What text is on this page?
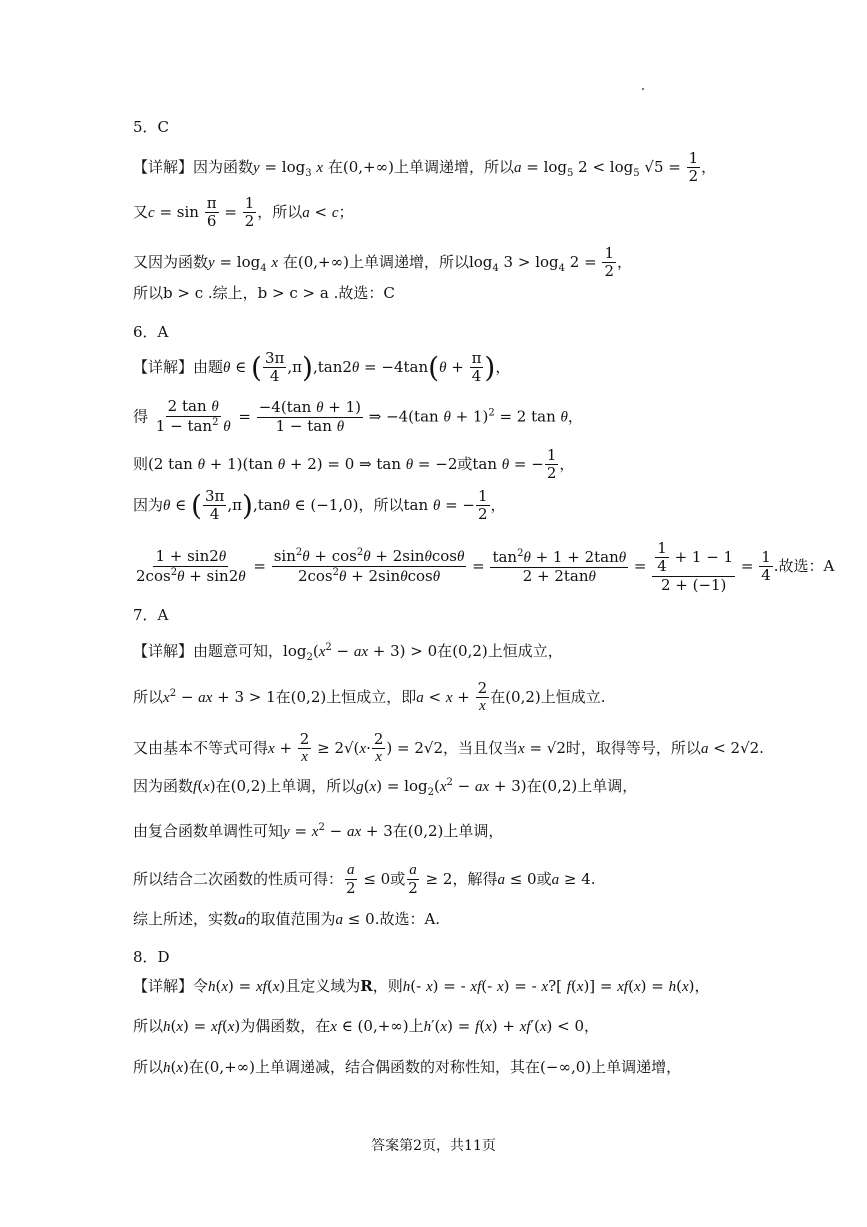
5．C
【详解】因为函数$y = \log_3 x$ 在(0,+∞)上单调递增，所以$a = \log_5 2 < \log_5 √5 = \frac{1}{2}$ ，
又$c = \sin \frac{\pi}{6} = \frac{1}{2}$ ，所以a < c；
又因为函数$y = \log_4 x$ 在(0,+∞)上单调递增，所以$\log_4 3 > \log_4 2 = \frac{1}{2}$ ，
所以b > c .综上，b > c > a .故选：C
6．A
【详解】由题θ ∈ ( $\frac{3\pi}{4} ,\pi),\tan 2\theta = -4\tan(\theta + \frac{\pi}{4}$ )，
得 $\frac{\text{2 tan θ}}{1 - \tan^2 \theta} = \frac{\text{−4(tan θ + 1)}}{\text{1 − tan θ}}$ ⇒ −4(tan θ + 1)$^2$ = 2 tan θ，
则(2 tan θ + 1)(tan θ + 2) = 0 ⇒ tan θ = −2或tan θ = − $\frac{1}{2}$ ，
因为θ ∈ ( $\frac{3\pi}{4} ,\pi),\tan\theta$ ∈ (−1,0)，所以tan θ = − $\frac{1}{2}$ ，
$\frac{1 + \sin 2\theta}{2\cos^2\theta + \sin 2\theta} = \frac{\sin^2\theta + \cos^2\theta + 2\sin\theta\cos\theta}{2\cos^2\theta + 2\sin\theta\cos\theta} = \frac{\tan^2\theta + 1 + 2\tan\theta}{2 + 2\tan\theta} = \frac{\frac{1}{4} + 1 - 1}{2 + (-1)} = \frac{1}{4}$ .故选：A
7．A
【详解】由题意可知，$\log_2(x^2$ − ax + 3) > 0在(0,2)上恒成立，
所以$x^2$ − ax + 3 > 1在(0,2)上恒成立，即$a < x + \frac{2}{x}$ 在(0,2)上恒成立.
又由基本不等式可得$x + \frac{2}{x} \ge 2√(x\cdot \frac{2}{x}$ ) = 2√2，当且仅当x = √2时，取得等号，所以a < 2√2.
因为函数f(x)在(0,2)上单调，所以$g(x) = \log_2(x^2$ − ax + 3)在(0,2)上单调，
由复合函数单调性可知$y = x^2$ − ax + 3在(0,2)上单调，
所以结合二次函数的性质可得： $\frac{a}{2} \le 0$或 $\frac{a}{2} \ge 2$，解得a ≤ 0或a ≥ 4.
综上所述，实数a的取值范围为a ≤ 0.故选：A.
8．D
【详解】令h(x) = xf(x)且定义域为R，则h(- x) = - xf(- x) = - x?[ f(x)] = xf(x) = h(x)，
所以h(x) = xf(x)为偶函数，在x ∈ (0,+∞)上h′(x) = f(x) + xf′(x) < 0，
所以h(x)在(0,+∞)上单调递减，结合偶函数的对称性知，其在(−∞,0)上单调递增，
答案第2页，共11页
